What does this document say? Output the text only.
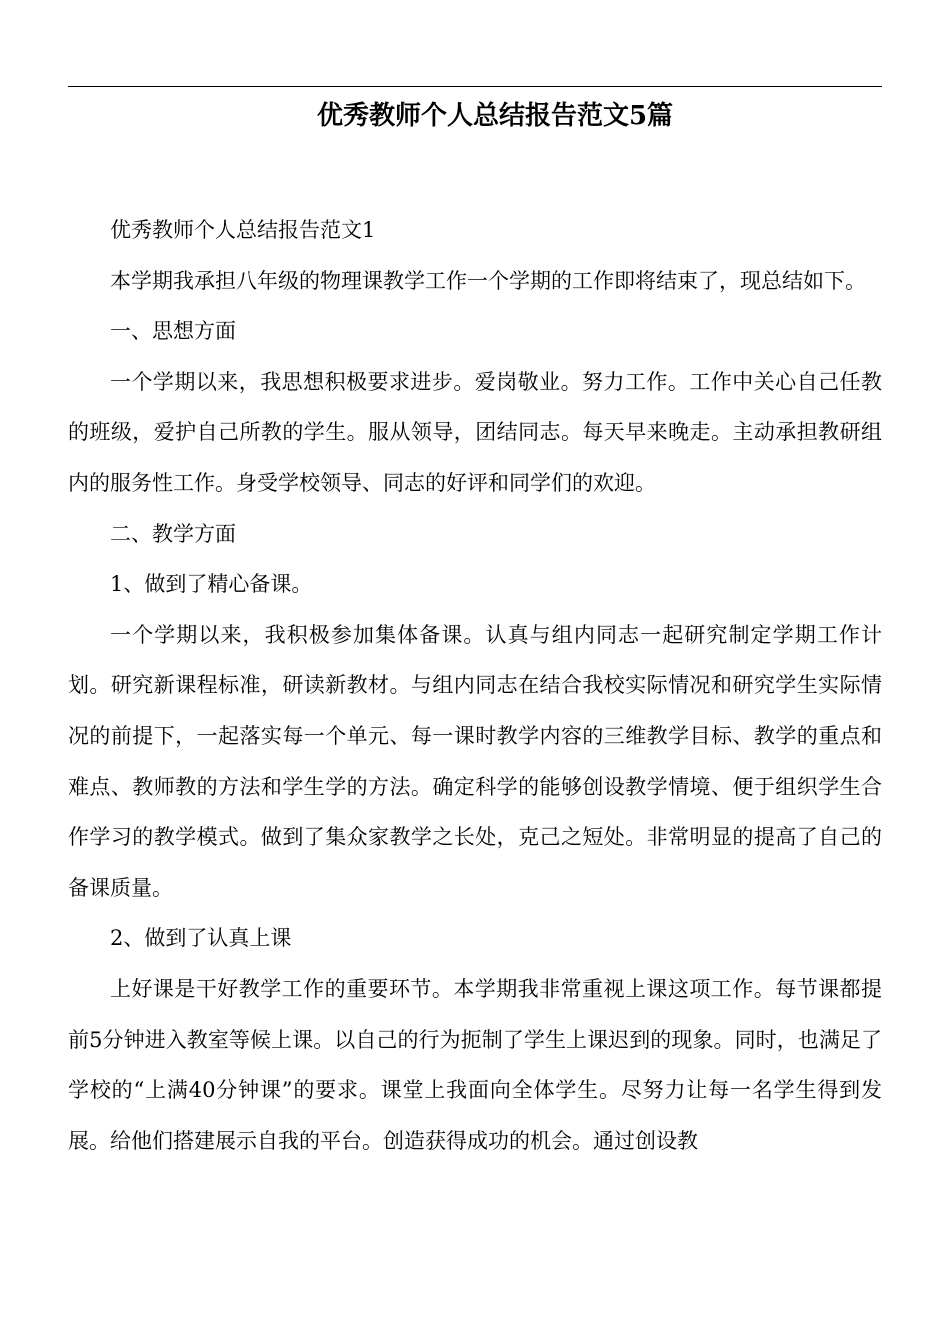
优秀教师个人总结报告范文5篇

优秀教师个人总结报告范文1

本学期我承担八年级的物理课教学工作一个学期的工作即将结束了，现总结如下。

一、思想方面

一个学期以来，我思想积极要求进步。爱岗敬业。努力工作。工作中关心自己任教的班级，爱护自己所教的学生。服从领导，团结同志。每天早来晚走。主动承担教研组内的服务性工作。身受学校领导、同志的好评和同学们的欢迎。

二、教学方面

1、做到了精心备课。

一个学期以来，我积极参加集体备课。认真与组内同志一起研究制定学期工作计划。研究新课程标准，研读新教材。与组内同志在结合我校实际情况和研究学生实际情况的前提下，一起落实每一个单元、每一课时教学内容的三维教学目标、教学的重点和难点、教师教的方法和学生学的方法。确定科学的能够创设教学情境、便于组织学生合作学习的教学模式。做到了集众家教学之长处，克己之短处。非常明显的提高了自己的备课质量。

2、做到了认真上课

上好课是干好教学工作的重要环节。本学期我非常重视上课这项工作。每节课都提前5分钟进入教室等候上课。以自己的行为扼制了学生上课迟到的现象。同时，也满足了学校的“上满40分钟课”的要求。课堂上我面向全体学生。尽努力让每一名学生得到发展。给他们搭建展示自我的平台。创造获得成功的机会。通过创设教
